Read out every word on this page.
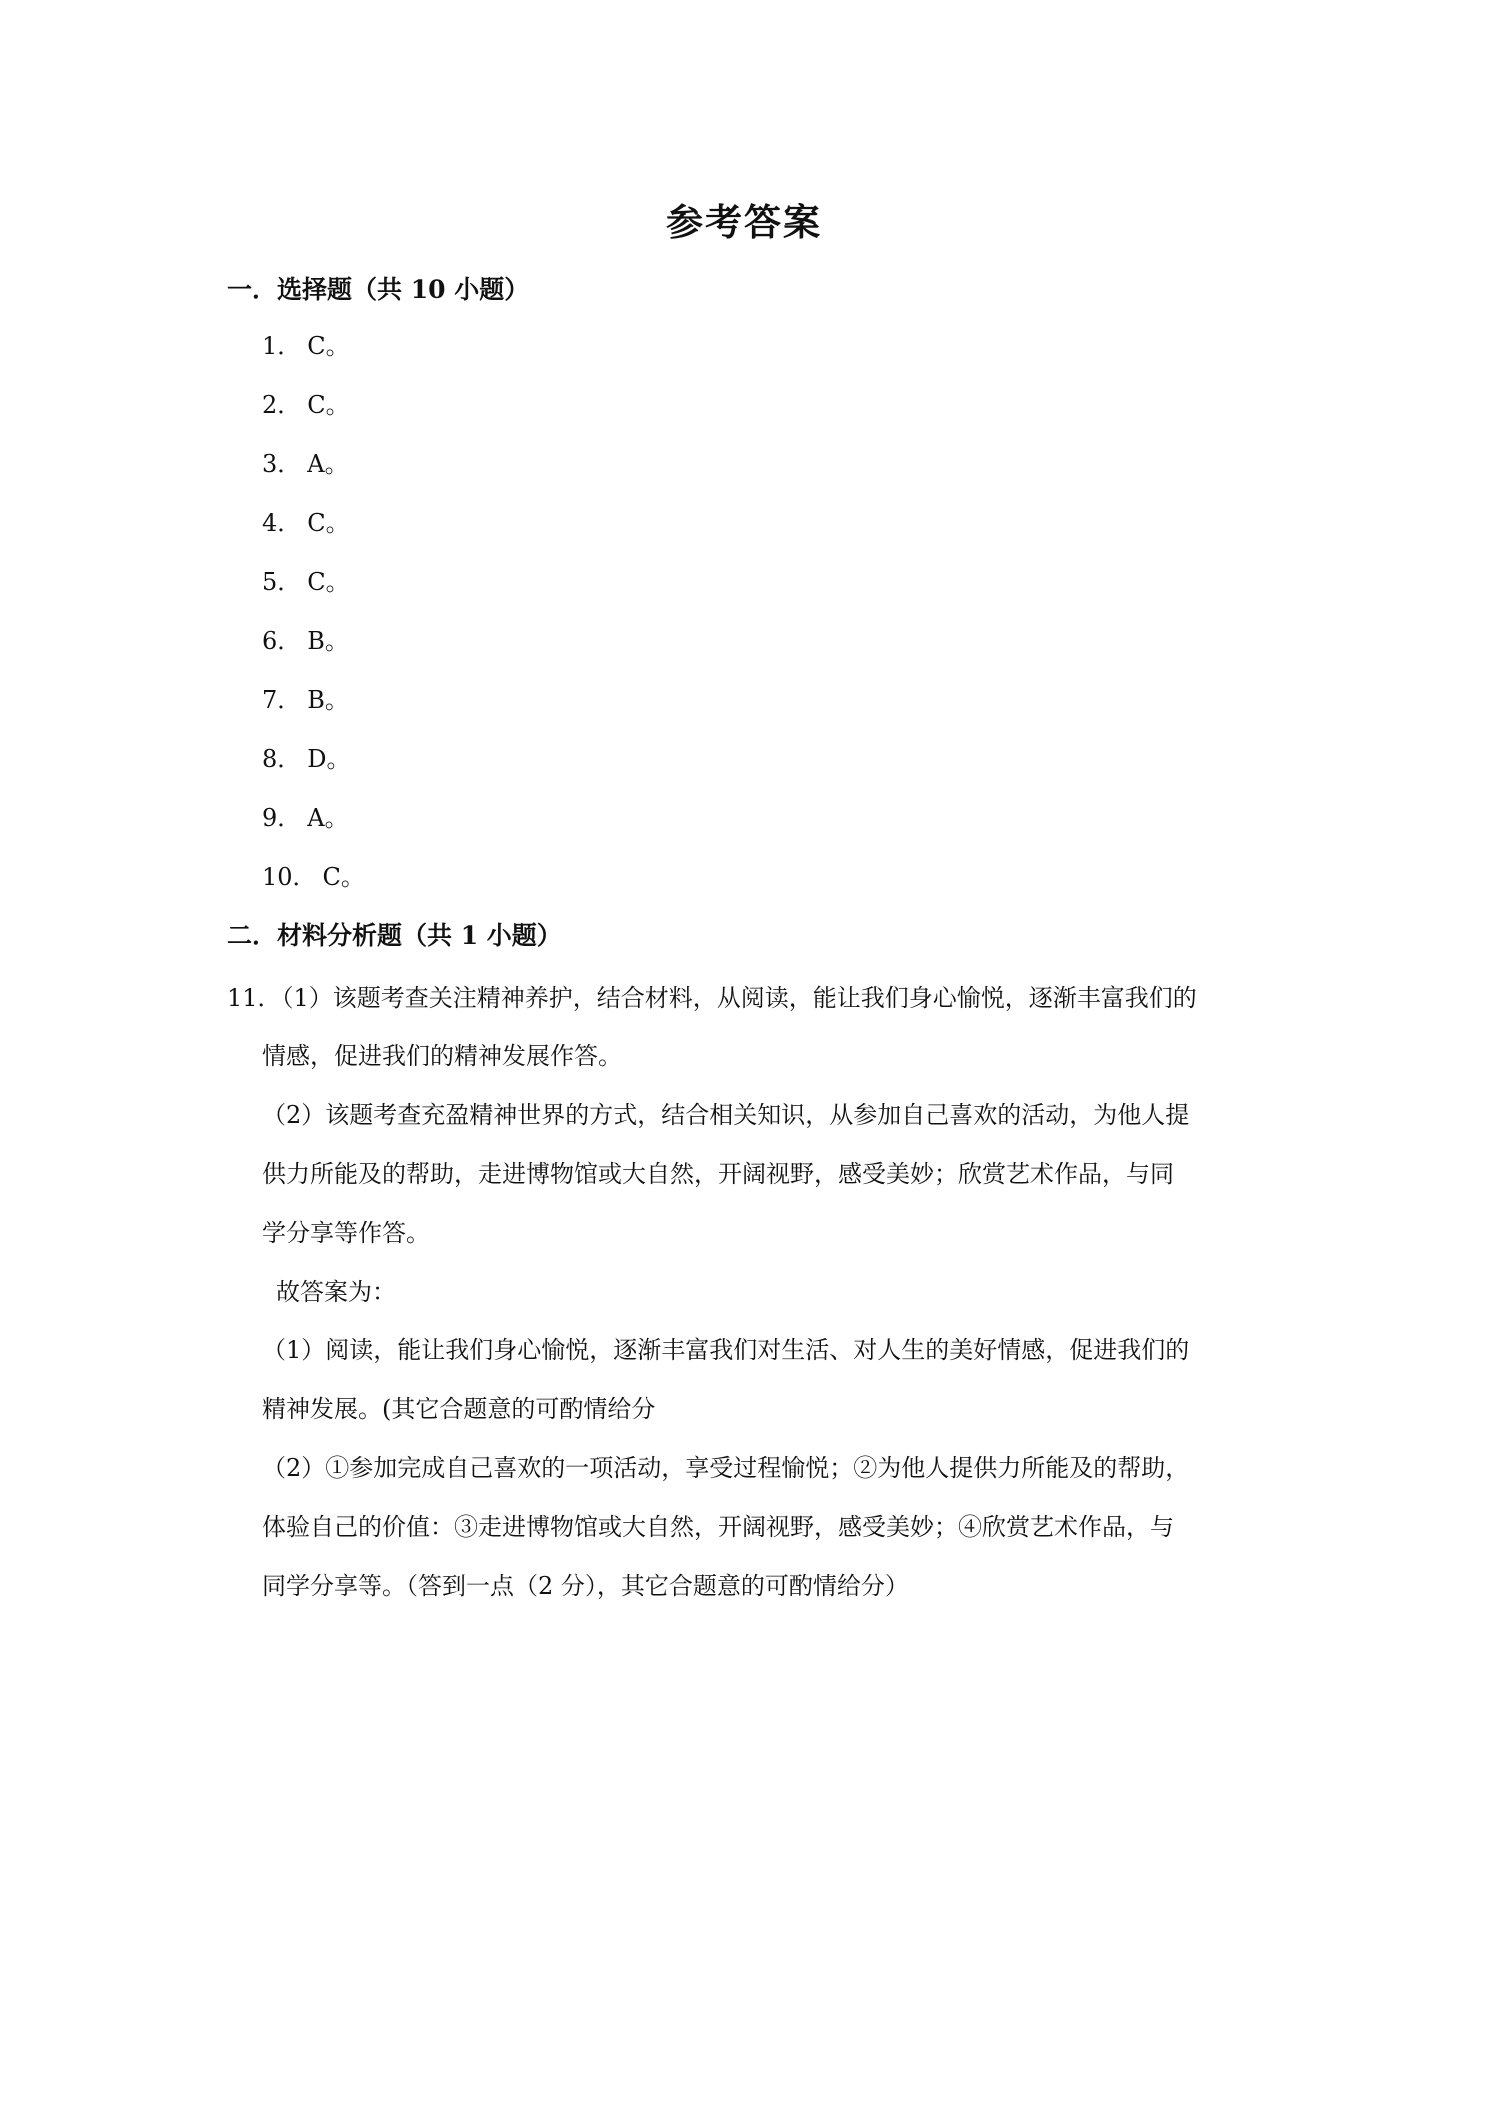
参考答案
一．选择题（共 10 小题）
1． C。
2． C。
3． A。
4． C。
5． C。
6． B。
7． B。
8． D。
9． A。
10． C。
二．材料分析题（共 1 小题）
11．（1）该题考查关注精神养护，结合材料，从阅读，能让我们身心愉悦，逐渐丰富我们的
情感，促进我们的精神发展作答。
（2）该题考查充盈精神世界的方式，结合相关知识，从参加自己喜欢的活动，为他人提
供力所能及的帮助，走进博物馆或大自然，开阔视野，感受美妙；欣赏艺术作品，与同
学分享等作答。
故答案为：
（1）阅读，能让我们身心愉悦，逐渐丰富我们对生活、对人生的美好情感，促进我们的
精神发展。(其它合题意的可酌情给分
（2）①参加完成自己喜欢的一项活动，享受过程愉悦；②为他人提供力所能及的帮助，
体验自己的价值：③走进博物馆或大自然，开阔视野，感受美妙；④欣赏艺术作品，与
同学分享等。（答到一点（2 分），其它合题意的可酌情给分）
